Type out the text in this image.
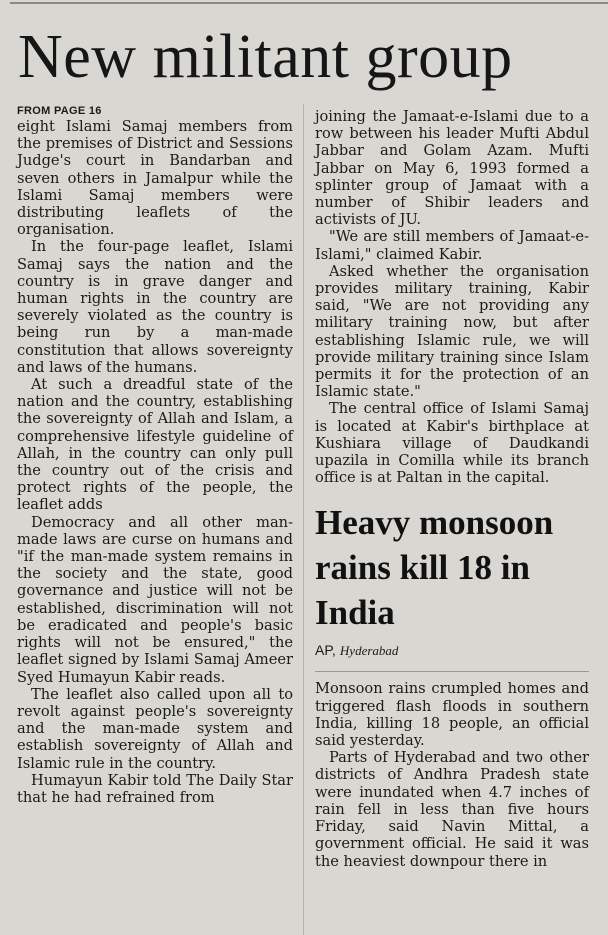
New militant group
FROM PAGE 16

eight Islami Samaj members from the premises of District and Sessions Judge's court in Bandarban and seven others in Jamalpur while the Islami Samaj members were distributing leaflets of the organisation.

In the four-page leaflet, Islami Samaj says the nation and the country is in grave danger and human rights in the country are severely violated as the country is being run by a man-made constitution that allows sovereignty and laws of the humans.

At such a dreadful state of the nation and the country, establishing the sovereignty of Allah and Islam, a comprehensive lifestyle guideline of Allah, in the country can only pull the country out of the crisis and protect rights of the people, the leaflet adds

Democracy and all other man-made laws are curse on humans and "if the man-made system remains in the society and the state, good governance and justice will not be established, discrimination will not be eradicated and people's basic rights will not be ensured," the leaflet signed by Islami Samaj Ameer Syed Humayun Kabir reads.

The leaflet also called upon all to revolt against people's sovereignty and the man-made system and establish sovereignty of Allah and Islamic rule in the country.

Humayun Kabir told The Daily Star that he had refrained from

joining the Jamaat-e-Islami due to a row between his leader Mufti Abdul Jabbar and Golam Azam. Mufti Jabbar on May 6, 1993 formed a splinter group of Jamaat with a number of Shibir leaders and activists of JU.

"We are still members of Jamaat-e-Islami," claimed Kabir.

Asked whether the organisation provides military training, Kabir said, "We are not providing any military training now, but after establishing Islamic rule, we will provide military training since Islam permits it for the protection of an Islamic state."

The central office of Islami Samaj is located at Kabir's birthplace at Kushiara village of Daudkandi upazila in Comilla while its branch office is at Paltan in the capital.

Heavy monsoon rains kill 18 in India
AP, Hyderabad

Monsoon rains crumpled homes and triggered flash floods in southern India, killing 18 people, an official said yesterday.

Parts of Hyderabad and two other districts of Andhra Pradesh state were inundated when 4.7 inches of rain fell in less than five hours Friday, said Navin Mittal, a government official. He said it was the heaviest downpour there in
